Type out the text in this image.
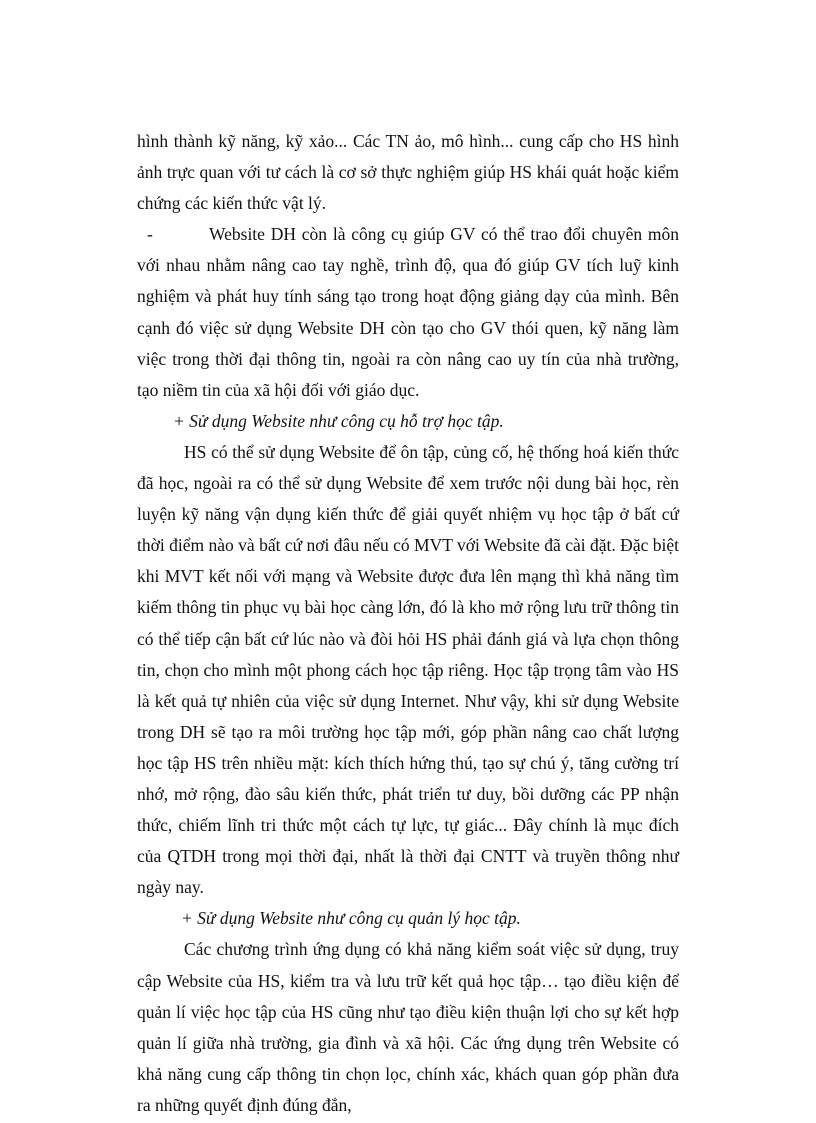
hình thành kỹ năng, kỹ xảo... Các TN ảo, mô hình... cung cấp cho HS hình ảnh trực quan với tư cách là cơ sở thực nghiệm giúp HS khái quát hoặc kiểm chứng các kiến thức vật lý.

-	Website DH còn là công cụ giúp GV có thể trao đổi chuyên môn với nhau nhằm nâng cao tay nghề, trình độ, qua đó giúp GV tích luỹ kinh nghiệm và phát huy tính sáng tạo trong hoạt động giảng dạy của mình. Bên cạnh đó việc sử dụng Website DH còn tạo cho GV thói quen, kỹ năng làm việc trong thời đại thông tin, ngoài ra còn nâng cao uy tín của nhà trường, tạo niềm tin của xã hội đối với giáo dục.

+ Sử dụng Website như công cụ hỗ trợ học tập.

HS có thể sử dụng Website để ôn tập, củng cố, hệ thống hoá kiến thức đã học, ngoài ra có thể sử dụng Website để xem trước nội dung bài học, rèn luyện kỹ năng vận dụng kiến thức để giải quyết nhiệm vụ học tập ở bất cứ thời điểm nào và bất cứ nơi đâu nếu có MVT với Website đã cài đặt. Đặc biệt khi MVT kết nối với mạng và Website được đưa lên mạng thì khả năng tìm kiếm thông tin phục vụ bài học càng lớn, đó là kho mở rộng lưu trữ thông tin có thể tiếp cận bất cứ lúc nào và đòi hỏi HS phải đánh giá và lựa chọn thông tin, chọn cho mình một phong cách học tập riêng. Học tập trọng tâm vào HS là kết quả tự nhiên của việc sử dụng Internet. Như vậy, khi sử dụng Website trong DH sẽ tạo ra môi trường học tập mới, góp phần nâng cao chất lượng học tập HS trên nhiều mặt: kích thích hứng thú, tạo sự chú ý, tăng cường trí nhớ, mở rộng, đào sâu kiến thức, phát triển tư duy, bồi dưỡng các PP nhận thức, chiếm lĩnh tri thức một cách tự lực, tự giác... Đây chính là mục đích của QTDH trong mọi thời đại, nhất là thời đại CNTT và truyền thông như ngày nay.

+ Sử dụng Website như công cụ quản lý học tập.

Các chương trình ứng dụng có khả năng kiểm soát việc sử dụng, truy cập Website của HS, kiểm tra và lưu trữ kết quả học tập… tạo điều kiện để quản lí việc học tập của HS cũng như tạo điều kiện thuận lợi cho sự kết hợp quản lí giữa nhà trường, gia đình và xã hội. Các ứng dụng trên Website có khả năng cung cấp thông tin chọn lọc, chính xác, khách quan góp phần đưa ra những quyết định đúng đắn,
